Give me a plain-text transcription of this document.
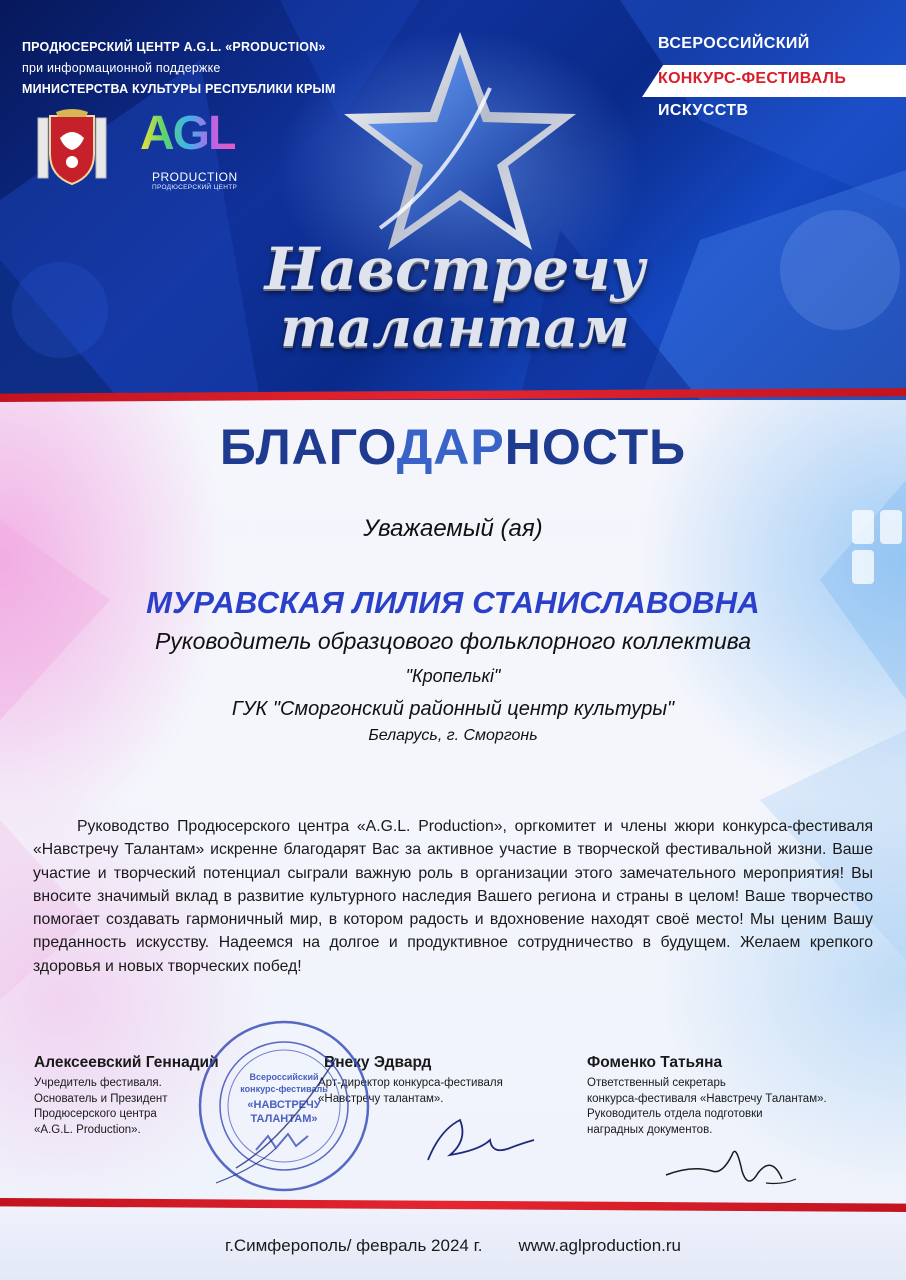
ПРОДЮСЕРСКИЙ ЦЕНТР A.G.L. «PRODUCTION»
при информационной поддержке
МИНИСТЕРСТВА КУЛЬТУРЫ РЕСПУБЛИКИ КРЫМ
AGL
PRODUCTION
ПРОДЮСЕРСКИЙ ЦЕНТР
Навстречу
талантам
ВСЕРОССИЙСКИЙ
КОНКУРС-ФЕСТИВАЛЬ
ИСКУССТВ
БЛАГОДАРНОСТЬ
Уважаемый (ая)
МУРАВСКАЯ ЛИЛИЯ СТАНИСЛАВОВНА
Руководитель образцового фольклорного коллектива
"Кропелькі"
ГУК "Сморгонский районный центр культуры"
Беларусь, г. Сморгонь
Руководство Продюсерского центра «A.G.L. Production», оргкомитет и члены жюри конкурса-фестиваля «Навстречу Талантам» искренне благодарят Вас за активное участие в творческой фестивальной жизни. Ваше участие и творческий потенциал сыграли важную роль в организации этого замечательного мероприятия! Вы вносите значимый вклад в развитие культурного наследия Вашего региона и страны в целом! Ваше творчество помогает создавать гармоничный мир, в котором радость и вдохновение находят своё место! Мы ценим Вашу преданность искусству. Надеемся на долгое и продуктивное сотрудничество в будущем. Желаем крепкого здоровья и новых творческих побед!
Алексеевский Геннадий
Учредитель фестиваля.
Основатель и Президент
Продюсерского центра
«A.G.L. Production».
Внеку Эдвард
Арт-директор конкурса-фестиваля
«Навстречу талантам».
Фоменко Татьяна
Ответственный секретарь
конкурса-фестиваля «Навстречу Талантам».
Руководитель отдела подготовки
наградных документов.
Всероссийский
конкурс-фестиваль
«НАВСТРЕЧУ
ТАЛАНТАМ»
г.Симферополь/ февраль 2024 г. www.aglproduction.ru
